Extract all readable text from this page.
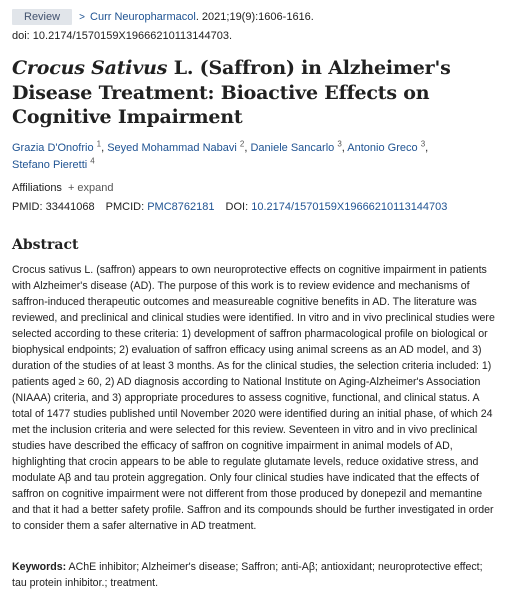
Review > Curr Neuropharmacol. 2021;19(9):1606-1616.
doi: 10.2174/1570159X19666210113144703.
Crocus Sativus L. (Saffron) in Alzheimer's Disease Treatment: Bioactive Effects on Cognitive Impairment
Grazia D'Onofrio $^1$, Seyed Mohammad Nabavi $^2$, Daniele Sancarlo $^3$, Antonio Greco $^3$,
Stefano Pieretti $^4$
Affiliations + expand
PMID: 33441068 PMCID: PMC8762181 DOI: 10.2174/1570159X19666210113144703
Abstract

Crocus sativus L. (saffron) appears to own neuroprotective effects on cognitive impairment in patients with Alzheimer's disease (AD). The purpose of this work is to review evidence and mechanisms of saffron-induced therapeutic outcomes and measureable cognitive benefits in AD. The literature was reviewed, and preclinical and clinical studies were identified. In vitro and in vivo preclinical studies were selected according to these criteria: 1) development of saffron pharmacological profile on biological or biophysical endpoints; 2) evaluation of saffron efficacy using animal screens as an AD model, and 3) duration of the studies of at least 3 months. As for the clinical studies, the selection criteria included: 1) patients aged ≥ 60, 2) AD diagnosis according to National Institute on Aging-Alzheimer's Association (NIAAA) criteria, and 3) appropriate procedures to assess cognitive, functional, and clinical status. A total of 1477 studies published until November 2020 were identified during an initial phase, of which 24 met the inclusion criteria and were selected for this review. Seventeen in vitro and in vivo preclinical studies have described the efficacy of saffron on cognitive impairment in animal models of AD, highlighting that crocin appears to be able to regulate glutamate levels, reduce oxidative stress, and modulate Aβ and tau protein aggregation. Only four clinical studies have indicated that the effects of saffron on cognitive impairment were not different from those produced by donepezil and memantine and that it had a better safety profile. Saffron and its compounds should be further investigated in order to consider them a safer alternative in AD treatment.

Keywords: AChE inhibitor; Alzheimer's disease; Saffron; anti-Aβ; antioxidant; neuroprotective effect; tau protein inhibitor.; treatment.
